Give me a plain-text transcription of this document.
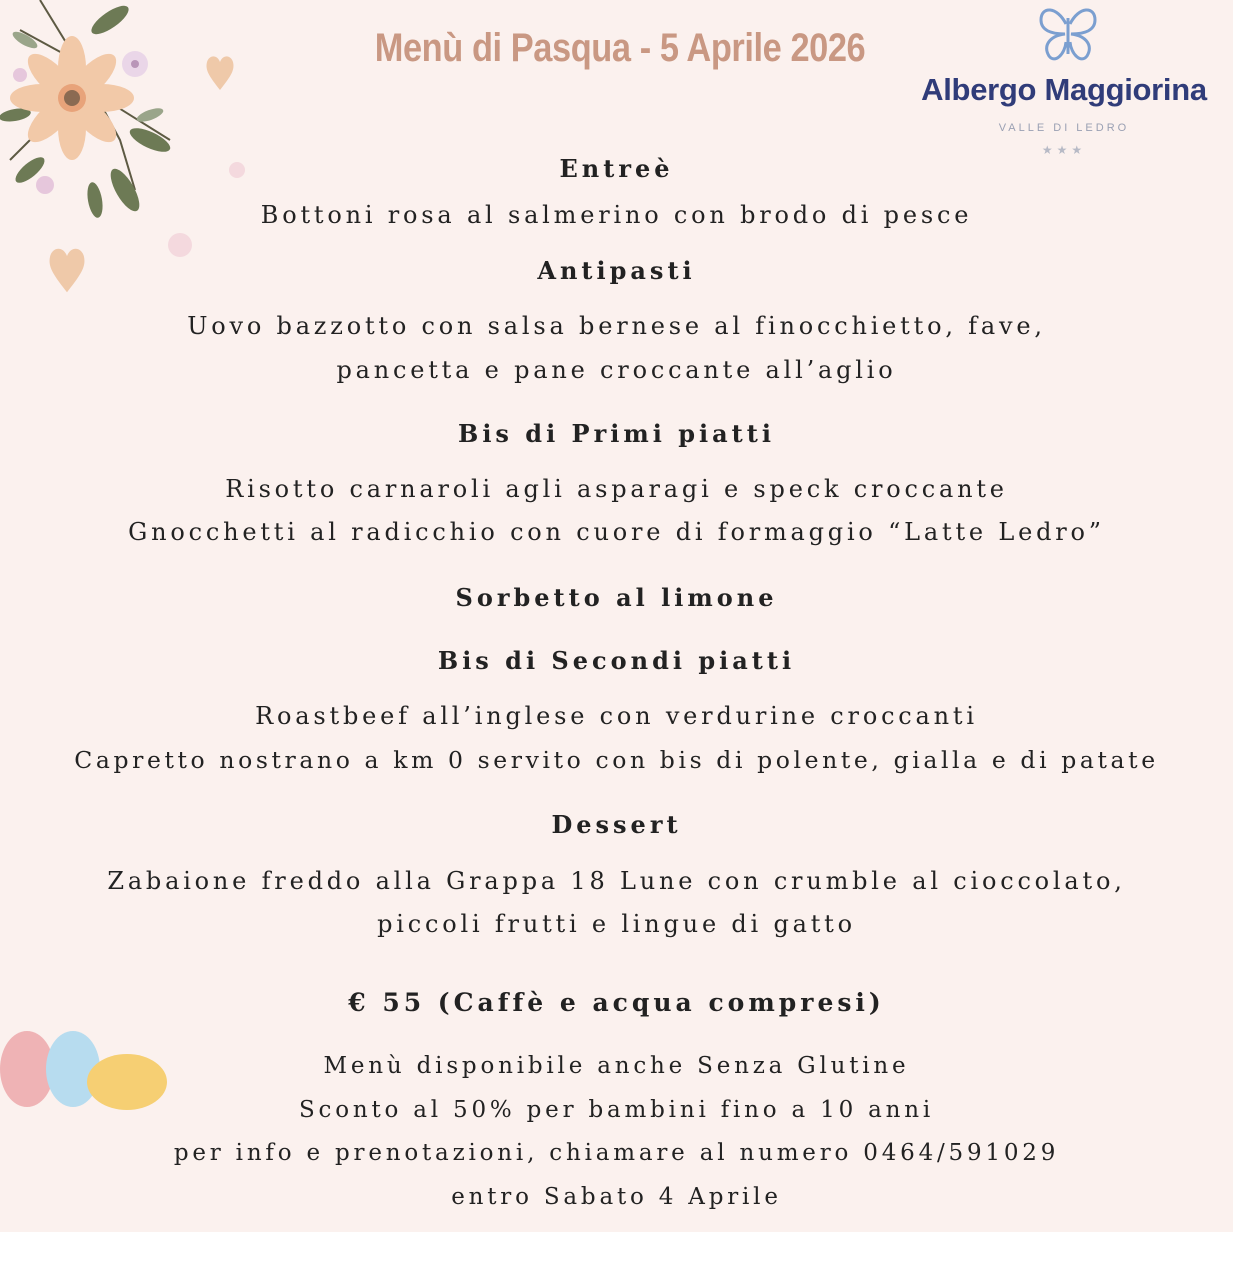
Menù di Pasqua - 5 Aprile 2026
Albergo Maggiorina
VALLE DI LEDRO
★★★
Entreè
Bottoni rosa al salmerino con brodo di pesce
Antipasti
Uovo bazzotto con salsa bernese al finocchietto, fave,
pancetta e pane croccante all’aglio
Bis di Primi piatti
Risotto carnaroli agli asparagi e speck croccante
Gnocchetti al radicchio con cuore di formaggio “Latte Ledro”
Sorbetto al limone
Bis di Secondi piatti
Roastbeef all’inglese con verdurine croccanti
Capretto nostrano a km 0 servito con bis di polente, gialla e di patate
Dessert
Zabaione freddo alla Grappa 18 Lune con crumble al cioccolato,
piccoli frutti e lingue di gatto
€ 55 (Caffè e acqua compresi)
Menù disponibile anche Senza Glutine
Sconto al 50% per bambini fino a 10 anni
per info e prenotazioni, chiamare al numero 0464/591029
entro Sabato 4 Aprile
